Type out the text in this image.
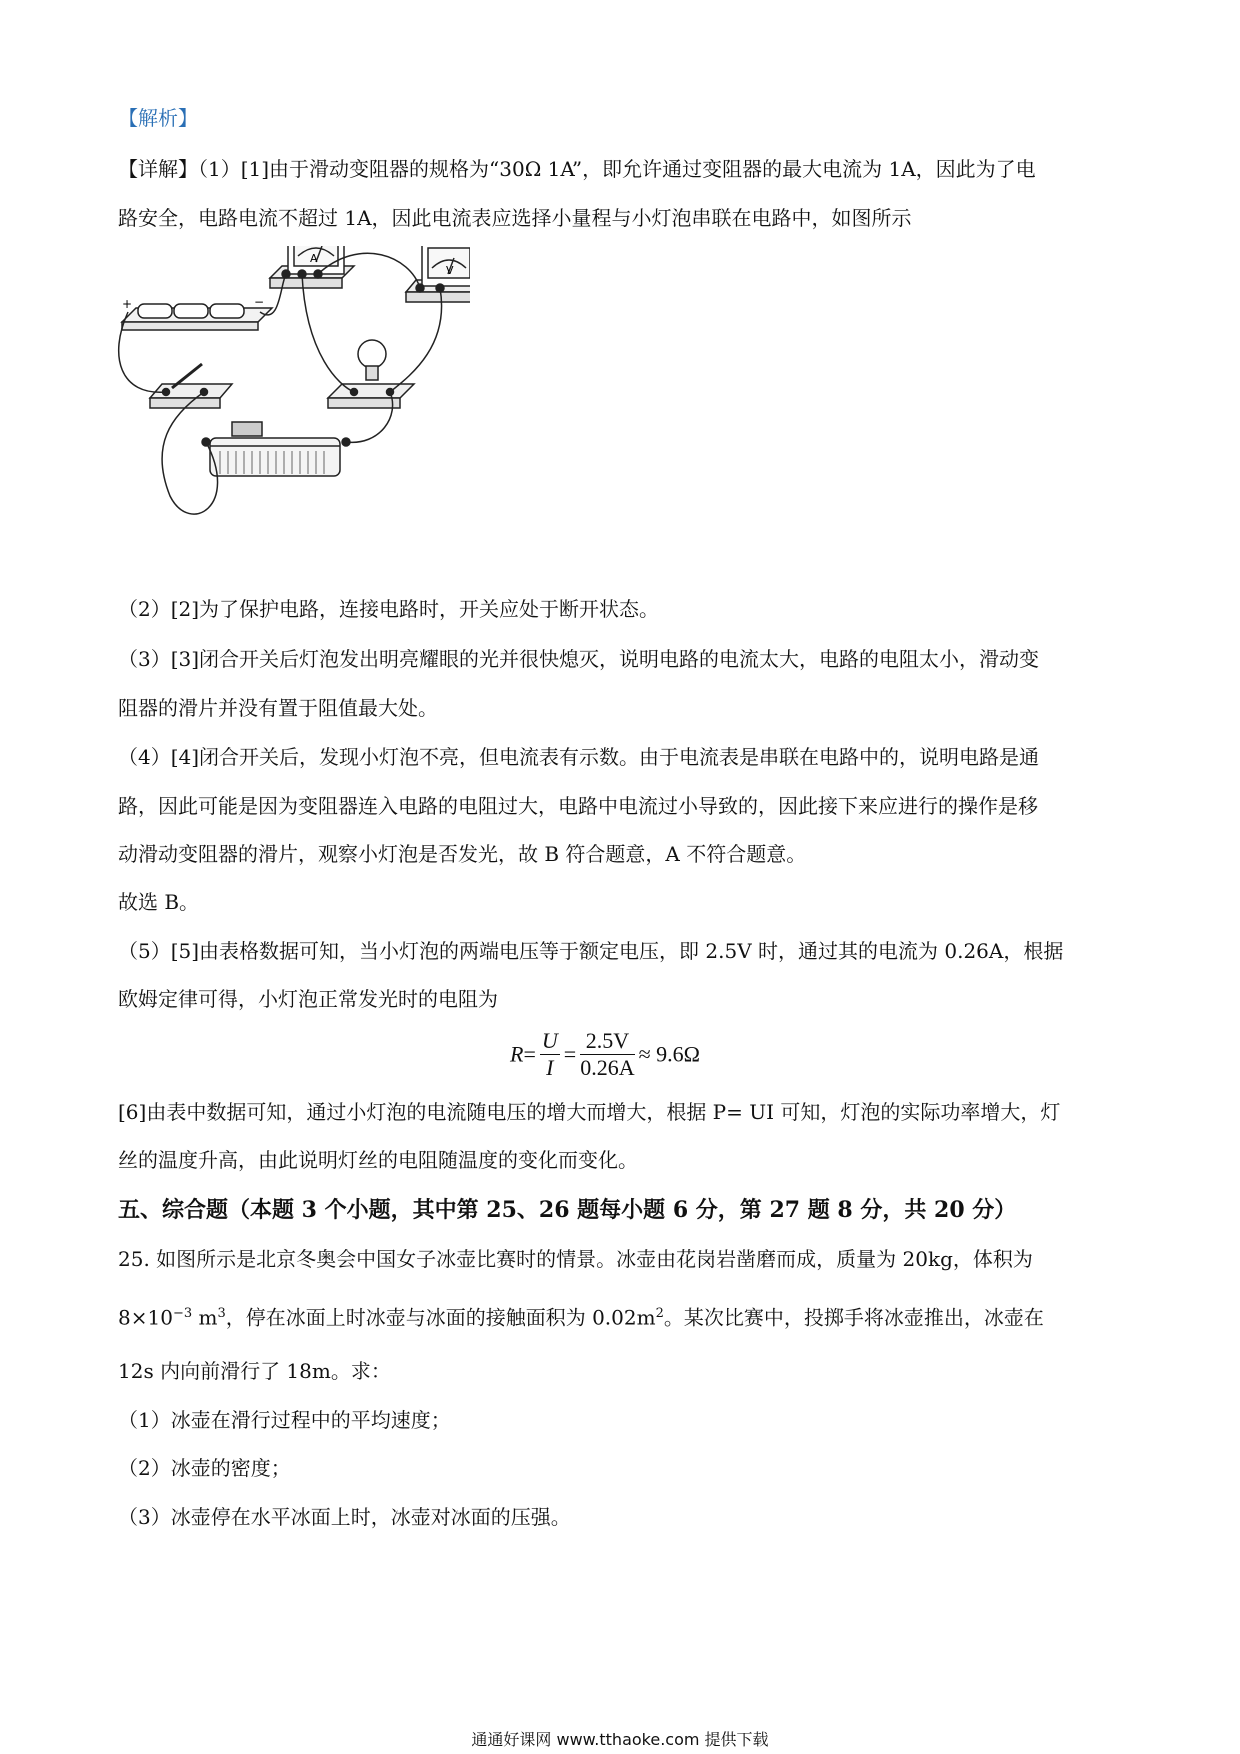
【解析】
【详解】（1）[1]由于滑动变阻器的规格为“30Ω 1A”，即允许通过变阻器的最大电流为 1A，因此为了电
路安全，电路电流不超过 1A，因此电流表应选择小量程与小灯泡串联在电路中，如图所示
+	−
A
V
（2）[2]为了保护电路，连接电路时，开关应处于断开状态。
（3）[3]闭合开关后灯泡发出明亮耀眼的光并很快熄灭，说明电路的电流太大，电路的电阻太小，滑动变
阻器的滑片并没有置于阻值最大处。
（4）[4]闭合开关后，发现小灯泡不亮，但电流表有示数。由于电流表是串联在电路中的，说明电路是通
路，因此可能是因为变阻器连入电路的电阻过大，电路中电流过小导致的，因此接下来应进行的操作是移
动滑动变阻器的滑片，观察小灯泡是否发光，故 B 符合题意，A 不符合题意。
故选 B。
（5）[5]由表格数据可知，当小灯泡的两端电压等于额定电压，即 2.5V 时，通过其的电流为 0.26A，根据
欧姆定律可得，小灯泡正常发光时的电阻为
$R= \frac{U}{I} = \frac{2.5V}{0.26A} \approx 9.6\Omega$
[6]由表中数据可知，通过小灯泡的电流随电压的增大而增大，根据 P= UI 可知，灯泡的实际功率增大，灯
丝的温度升高，由此说明灯丝的电阻随温度的变化而变化。
五、综合题（本题 3 个小题，其中第 25、26 题每小题 6 分，第 27 题 8 分，共 20 分）
25. 如图所示是北京冬奥会中国女子冰壶比赛时的情景。冰壶由花岗岩凿磨而成，质量为 20kg，体积为
$8\times 10^{-3}$ $m^3$，停在冰面上时冰壶与冰面的接触面积为 $0.02m^2$。某次比赛中，投掷手将冰壶推出，冰壶在
12s 内向前滑行了 18m。求：
（1）冰壶在滑行过程中的平均速度；
（2）冰壶的密度；
（3）冰壶停在水平冰面上时，冰壶对冰面的压强。
通通好课网 www.tthaoke.com 提供下载
